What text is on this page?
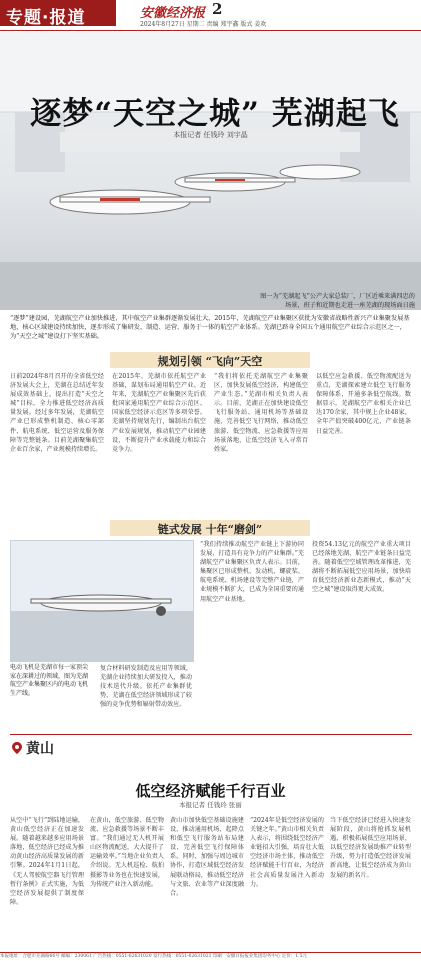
专题·报道	安徽经济报 2
2024年8月27日 星期二 责编 郑宇鑫 版式 姜欢
逐梦“天空之城” 芜湖起飞
本报记者 任钱玲 刘宇晶
图一为“芜湖起飞”公产大家总装厂，厂区近乘来满四忠的场景，班子和近期也走进一座芜湖的现场面日施
“逐梦”建设园，芜湖航空产业加快推进，其中航空产业集群逐渐发展壮大，2015年，芜湖航空产业集聚区获批为安徽省战略性新兴产业集聚发展基地，核心区域建设持续加快，逐步形成了集研发、制造、运营、服务于一体的航空产业体系。芜湖已跻身全国五个通用航空产业综合示范区之一，为“天空之城”建设打下坚实基础。
规划引领 “飞向”天空
日前2024年8月召开的全省低空经济发展大会上，芜湖在总结近年发展成效基础上，提出打造“天空之城”目标，全力推进低空经济高质量发展。经过多年发展，芜湖航空产业已形成整机制造、核心零部件、航电系统、低空运营及服务保障等完整链条。目前芜湖聚集航空企业百余家，产业规模持续增长。
在2015年，芜湖市依托航空产业基础，谋划布局通用航空产业。近年来，芜湖航空产业集聚区先后获批国家通用航空产业综合示范区、国家低空经济示范区等多项荣誉。芜湖坚持规划先行，编制出台航空产业发展规划，推动航空产业园建设，不断提升产业承载能力和综合竞争力。
“我们将依托芜湖航空产业集聚区，加快发展低空经济，构建低空产业生态。”芜湖市相关负责人表示。目前，芜湖正在加快建设低空飞行服务站、通用机场等基础设施，完善低空飞行网络，推动低空旅游、低空物流、应急救援等应用场景落地，让低空经济飞入寻常百姓家。
以低空应急救援、低空物流配送为重点，芜湖探索建立低空飞行服务保障体系，开通多条低空航线。数据显示，芜湖航空产业相关企业已达170余家，其中规上企业48家，全年产值突破400亿元，产业链条日益完善。
链式发展 十年“磨剑”
电动飞机是芜湖市每一家顶尖家在深耕过的领域，图为芜湖航空产业集聚区内的电动飞机生产线。
复合材料研发制造及应用等领域，芜湖企业持续加大研发投入，推动技术迭代升级。依托产业集群优势，芜湖在低空经济领域形成了较强的竞争优势和辐射带动效应。
“我们持续推动航空产业链上下游协同发展，打造具有竞争力的产业集群。”芜湖航空产业集聚区负责人表示。目前，集聚区已形成整机、发动机、螺旋桨、航电系统、机场建设等完整产业链，产业规模不断扩大，已成为全国重要的通用航空产业基地。
投资54.13亿元的航空产业重大项目已经落地芜湖，航空产业链条日益完善。随着低空空域管理改革推进，芜湖将不断拓展低空应用场景，加快培育低空经济新业态新模式，推动“天空之城”建设取得更大成效。
黄山
低空经济赋能千行百业
本报记者 任钱玲 张丽
从空中“飞行”到陆地运输，黄山低空经济正在加速发展。随着越来越多应用场景落地，低空经济已经成为推动黄山经济高质量发展的新引擎。2024年1月1日起，《无人驾驶航空器飞行管理暂行条例》正式实施，为低空经济发展提供了制度保障。
在黄山，低空旅游、低空物流、应急救援等场景不断丰富。“我们通过无人机开展山区物流配送，大大提升了运输效率。”当地企业负责人介绍说。无人机巡检、航拍摄影等业务也在快速发展，为传统产业注入新动能。
黄山市加快低空基础设施建设，推动通用机场、起降点和低空飞行服务站布局建设，完善低空飞行保障体系。同时，加强与周边城市协作，打造区域低空经济发展联动格局，推动低空经济与文旅、农业等产业深度融合。
“2024年是低空经济发展的关键之年。”黄山市相关负责人表示，将围绕低空经济产业链招大引强，培育壮大低空经济市场主体，推动低空经济赋能千行百业，为经济社会高质量发展注入新动力。
当下低空经济已经进入快速发展阶段，黄山将抢抓发展机遇，积极拓展低空应用场景，以低空经济发展助推产业转型升级，努力打造低空经济发展新高地，让低空经济成为黄山发展的新名片。
本报地址：合肥市芜湖路66号 邮编：230061 广告热线：0551-62631020 发行热线：0551-62631021 印刷：安徽日报报业集团印务中心 定价：1.5元
